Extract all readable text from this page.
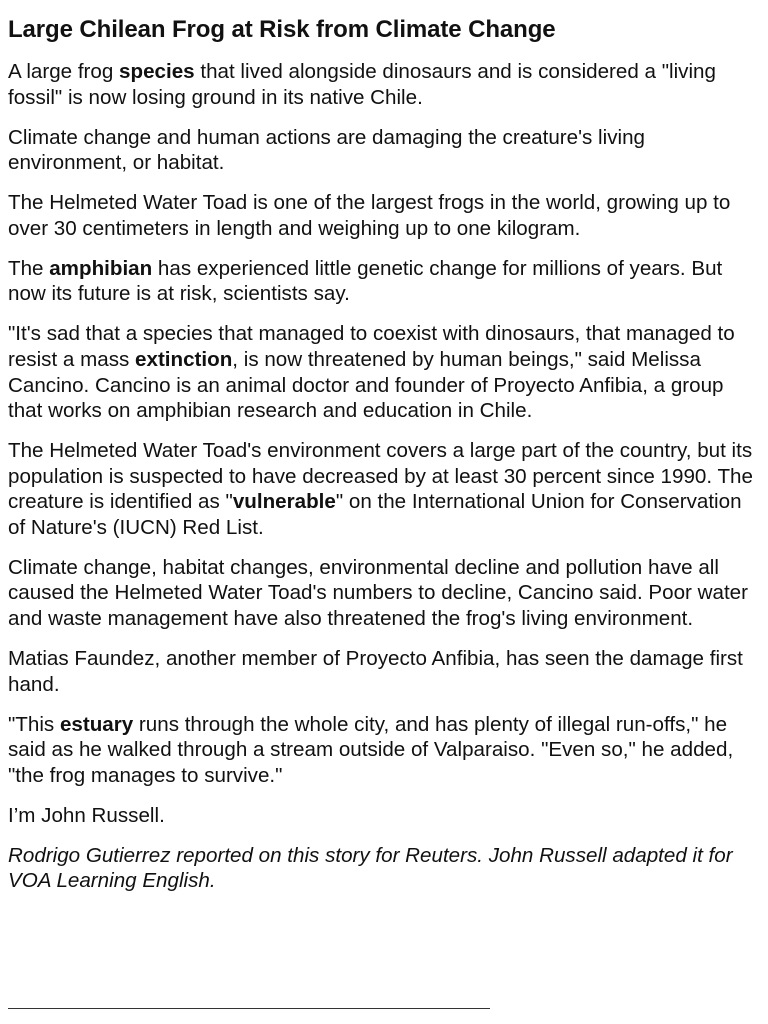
Large Chilean Frog at Risk from Climate Change

A large frog species that lived alongside dinosaurs and is considered a "living fossil" is now losing ground in its native Chile.

Climate change and human actions are damaging the creature's living environment, or habitat.

The Helmeted Water Toad is one of the largest frogs in the world, growing up to over 30 centimeters in length and weighing up to one kilogram.

The amphibian has experienced little genetic change for millions of years. But now its future is at risk, scientists say.

"It's sad that a species that managed to coexist with dinosaurs, that managed to resist a mass extinction, is now threatened by human beings," said Melissa Cancino. Cancino is an animal doctor and founder of Proyecto Anfibia, a group that works on amphibian research and education in Chile.

The Helmeted Water Toad's environment covers a large part of the country, but its population is suspected to have decreased by at least 30 percent since 1990. The creature is identified as "vulnerable" on the International Union for Conservation of Nature's (IUCN) Red List.

Climate change, habitat changes, environmental decline and pollution have all caused the Helmeted Water Toad's numbers to decline, Cancino said. Poor water and waste management have also threatened the frog's living environment.

Matias Faundez, another member of Proyecto Anfibia, has seen the damage first hand.

"This estuary runs through the whole city, and has plenty of illegal run-offs," he said as he walked through a stream outside of Valparaiso. "Even so," he added, "the frog manages to survive."

I’m John Russell.

Rodrigo Gutierrez reported on this story for Reuters. John Russell adapted it for VOA Learning English.
